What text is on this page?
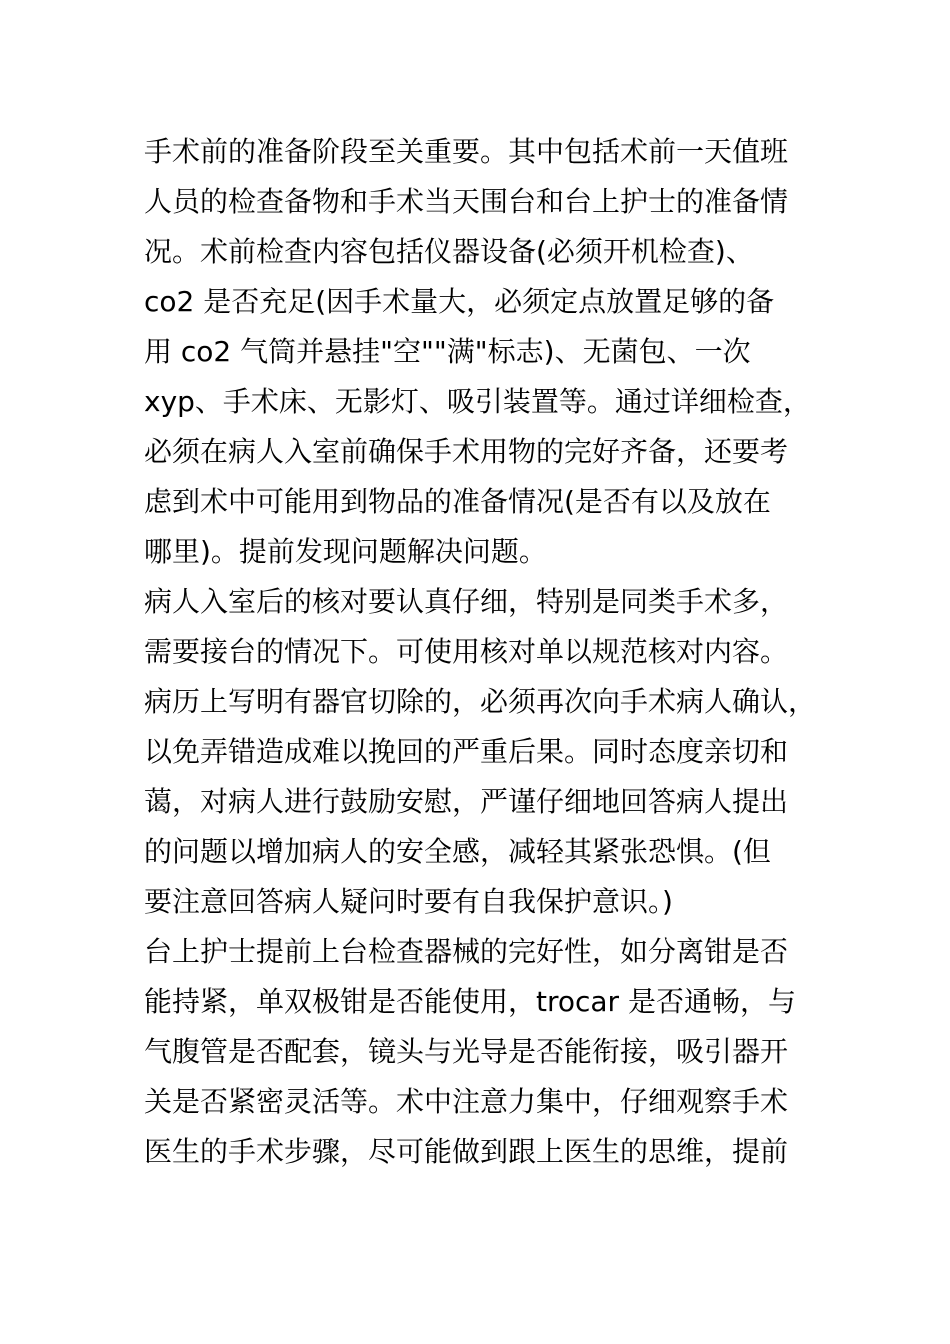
手术前的准备阶段至关重要。其中包括术前一天值班
人员的检查备物和手术当天围台和台上护士的准备情
况。术前检查内容包括仪器设备(必须开机检查)、
co2 是否充足(因手术量大，必须定点放置足够的备
用 co2 气筒并悬挂"空""满"标志)、无菌包、一次
xyp、手术床、无影灯、吸引装置等。通过详细检查，
必须在病人入室前确保手术用物的完好齐备，还要考
虑到术中可能用到物品的准备情况(是否有以及放在
哪里)。提前发现问题解决问题。

病人入室后的核对要认真仔细，特别是同类手术多，
需要接台的情况下。可使用核对单以规范核对内容。
病历上写明有器官切除的，必须再次向手术病人确认，
以免弄错造成难以挽回的严重后果。同时态度亲切和
蔼，对病人进行鼓励安慰，严谨仔细地回答病人提出
的问题以增加病人的安全感，减轻其紧张恐惧。(但
要注意回答病人疑问时要有自我保护意识。)

台上护士提前上台检查器械的完好性，如分离钳是否
能持紧，单双极钳是否能使用，trocar 是否通畅，与
气腹管是否配套，镜头与光导是否能衔接，吸引器开
关是否紧密灵活等。术中注意力集中，仔细观察手术
医生的手术步骤，尽可能做到跟上医生的思维，提前
